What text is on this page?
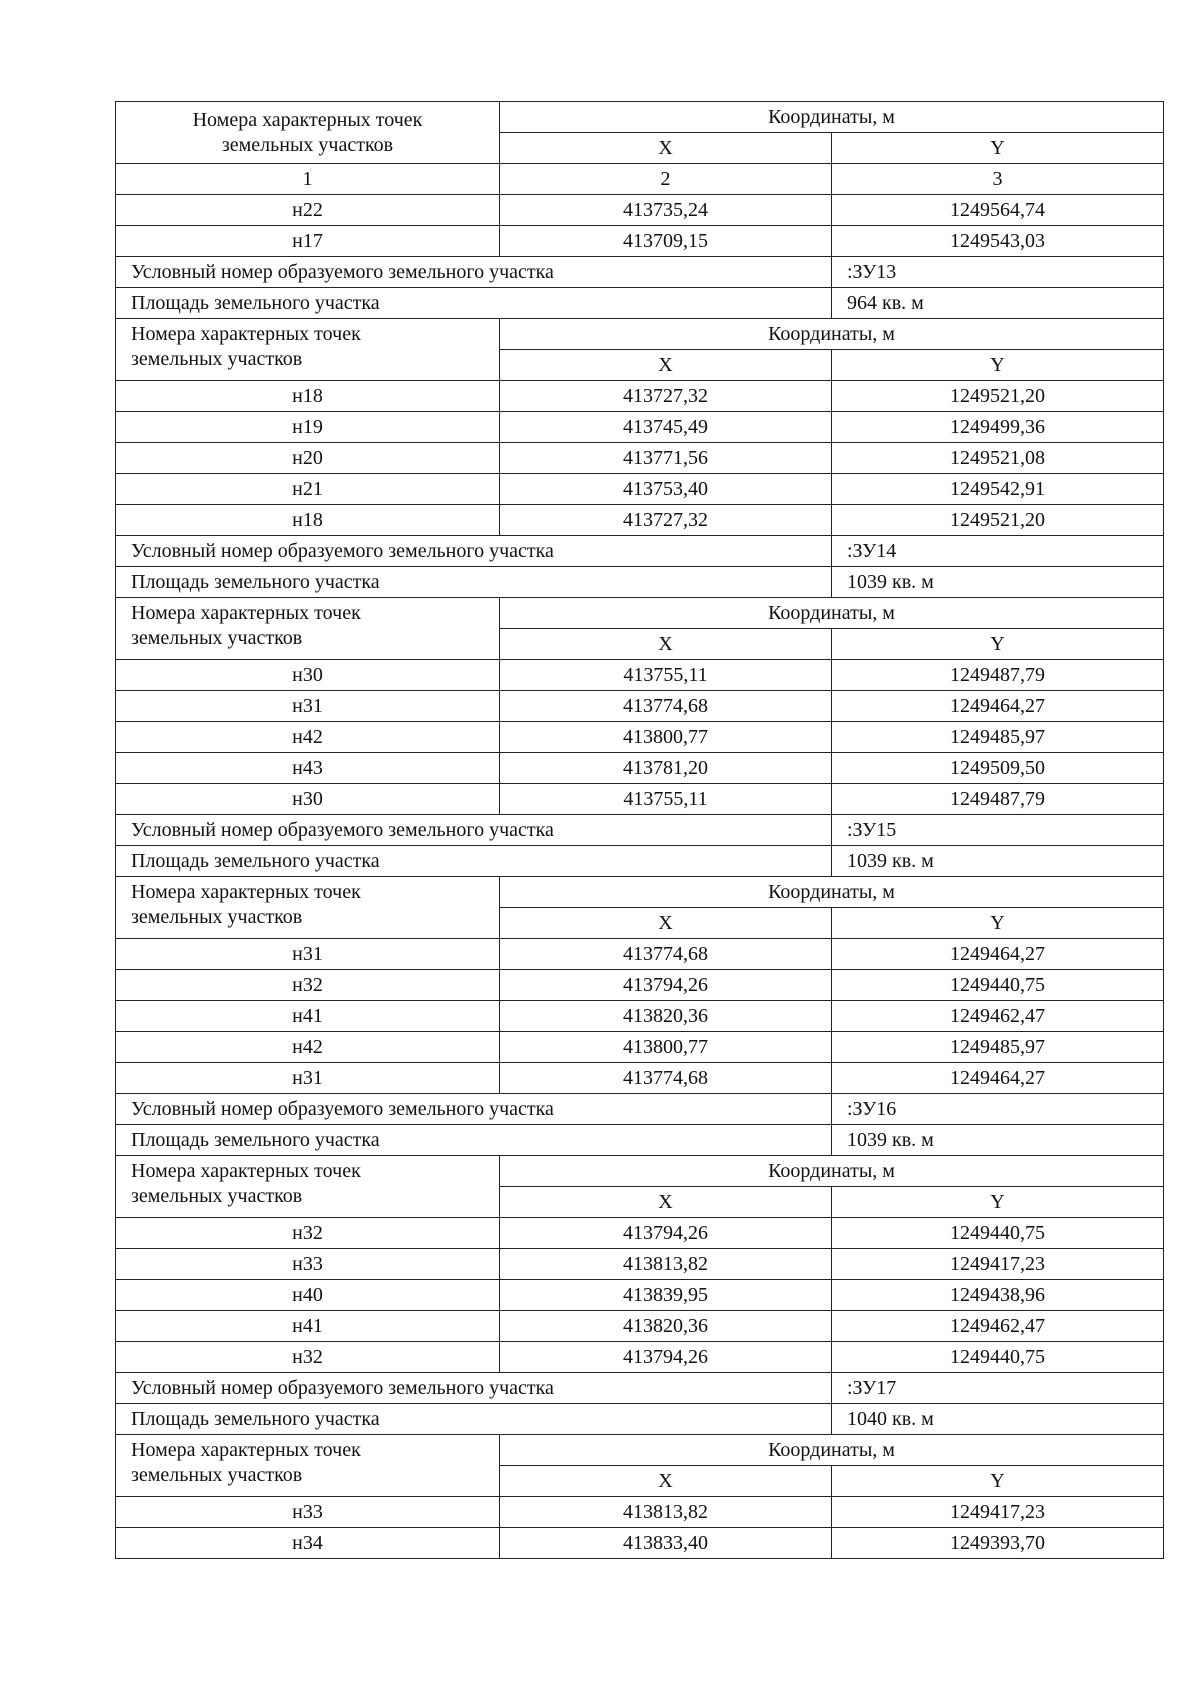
Номера характерных точек
земельных участков	Координаты, м	
	X	Y
1	2	3
н22	413735,24	1249564,74
н17	413709,15	1249543,03
Условный номер образуемого земельного участка		:ЗУ13
Площадь земельного участка		964 кв. м

Номера характерных точек
земельных участков	Координаты, м	
	X	Y
н18	413727,32	1249521,20
н19	413745,49	1249499,36
н20	413771,56	1249521,08
н21	413753,40	1249542,91
н18	413727,32	1249521,20
Условный номер образуемого земельного участка		:ЗУ14
Площадь земельного участка		1039 кв. м

Номера характерных точек
земельных участков	Координаты, м	
	X	Y
н30	413755,11	1249487,79
н31	413774,68	1249464,27
н42	413800,77	1249485,97
н43	413781,20	1249509,50
н30	413755,11	1249487,79
Условный номер образуемого земельного участка		:ЗУ15
Площадь земельного участка		1039 кв. м

Номера характерных точек
земельных участков	Координаты, м	
	X	Y
н31	413774,68	1249464,27
н32	413794,26	1249440,75
н41	413820,36	1249462,47
н42	413800,77	1249485,97
н31	413774,68	1249464,27
Условный номер образуемого земельного участка		:ЗУ16
Площадь земельного участка		1039 кв. м

Номера характерных точек
земельных участков	Координаты, м	
	X	Y
н32	413794,26	1249440,75
н33	413813,82	1249417,23
н40	413839,95	1249438,96
н41	413820,36	1249462,47
н32	413794,26	1249440,75
Условный номер образуемого земельного участка		:ЗУ17
Площадь земельного участка		1040 кв. м

Номера характерных точек
земельных участков	Координаты, м	
	X	Y
н33	413813,82	1249417,23
н34	413833,40	1249393,70
